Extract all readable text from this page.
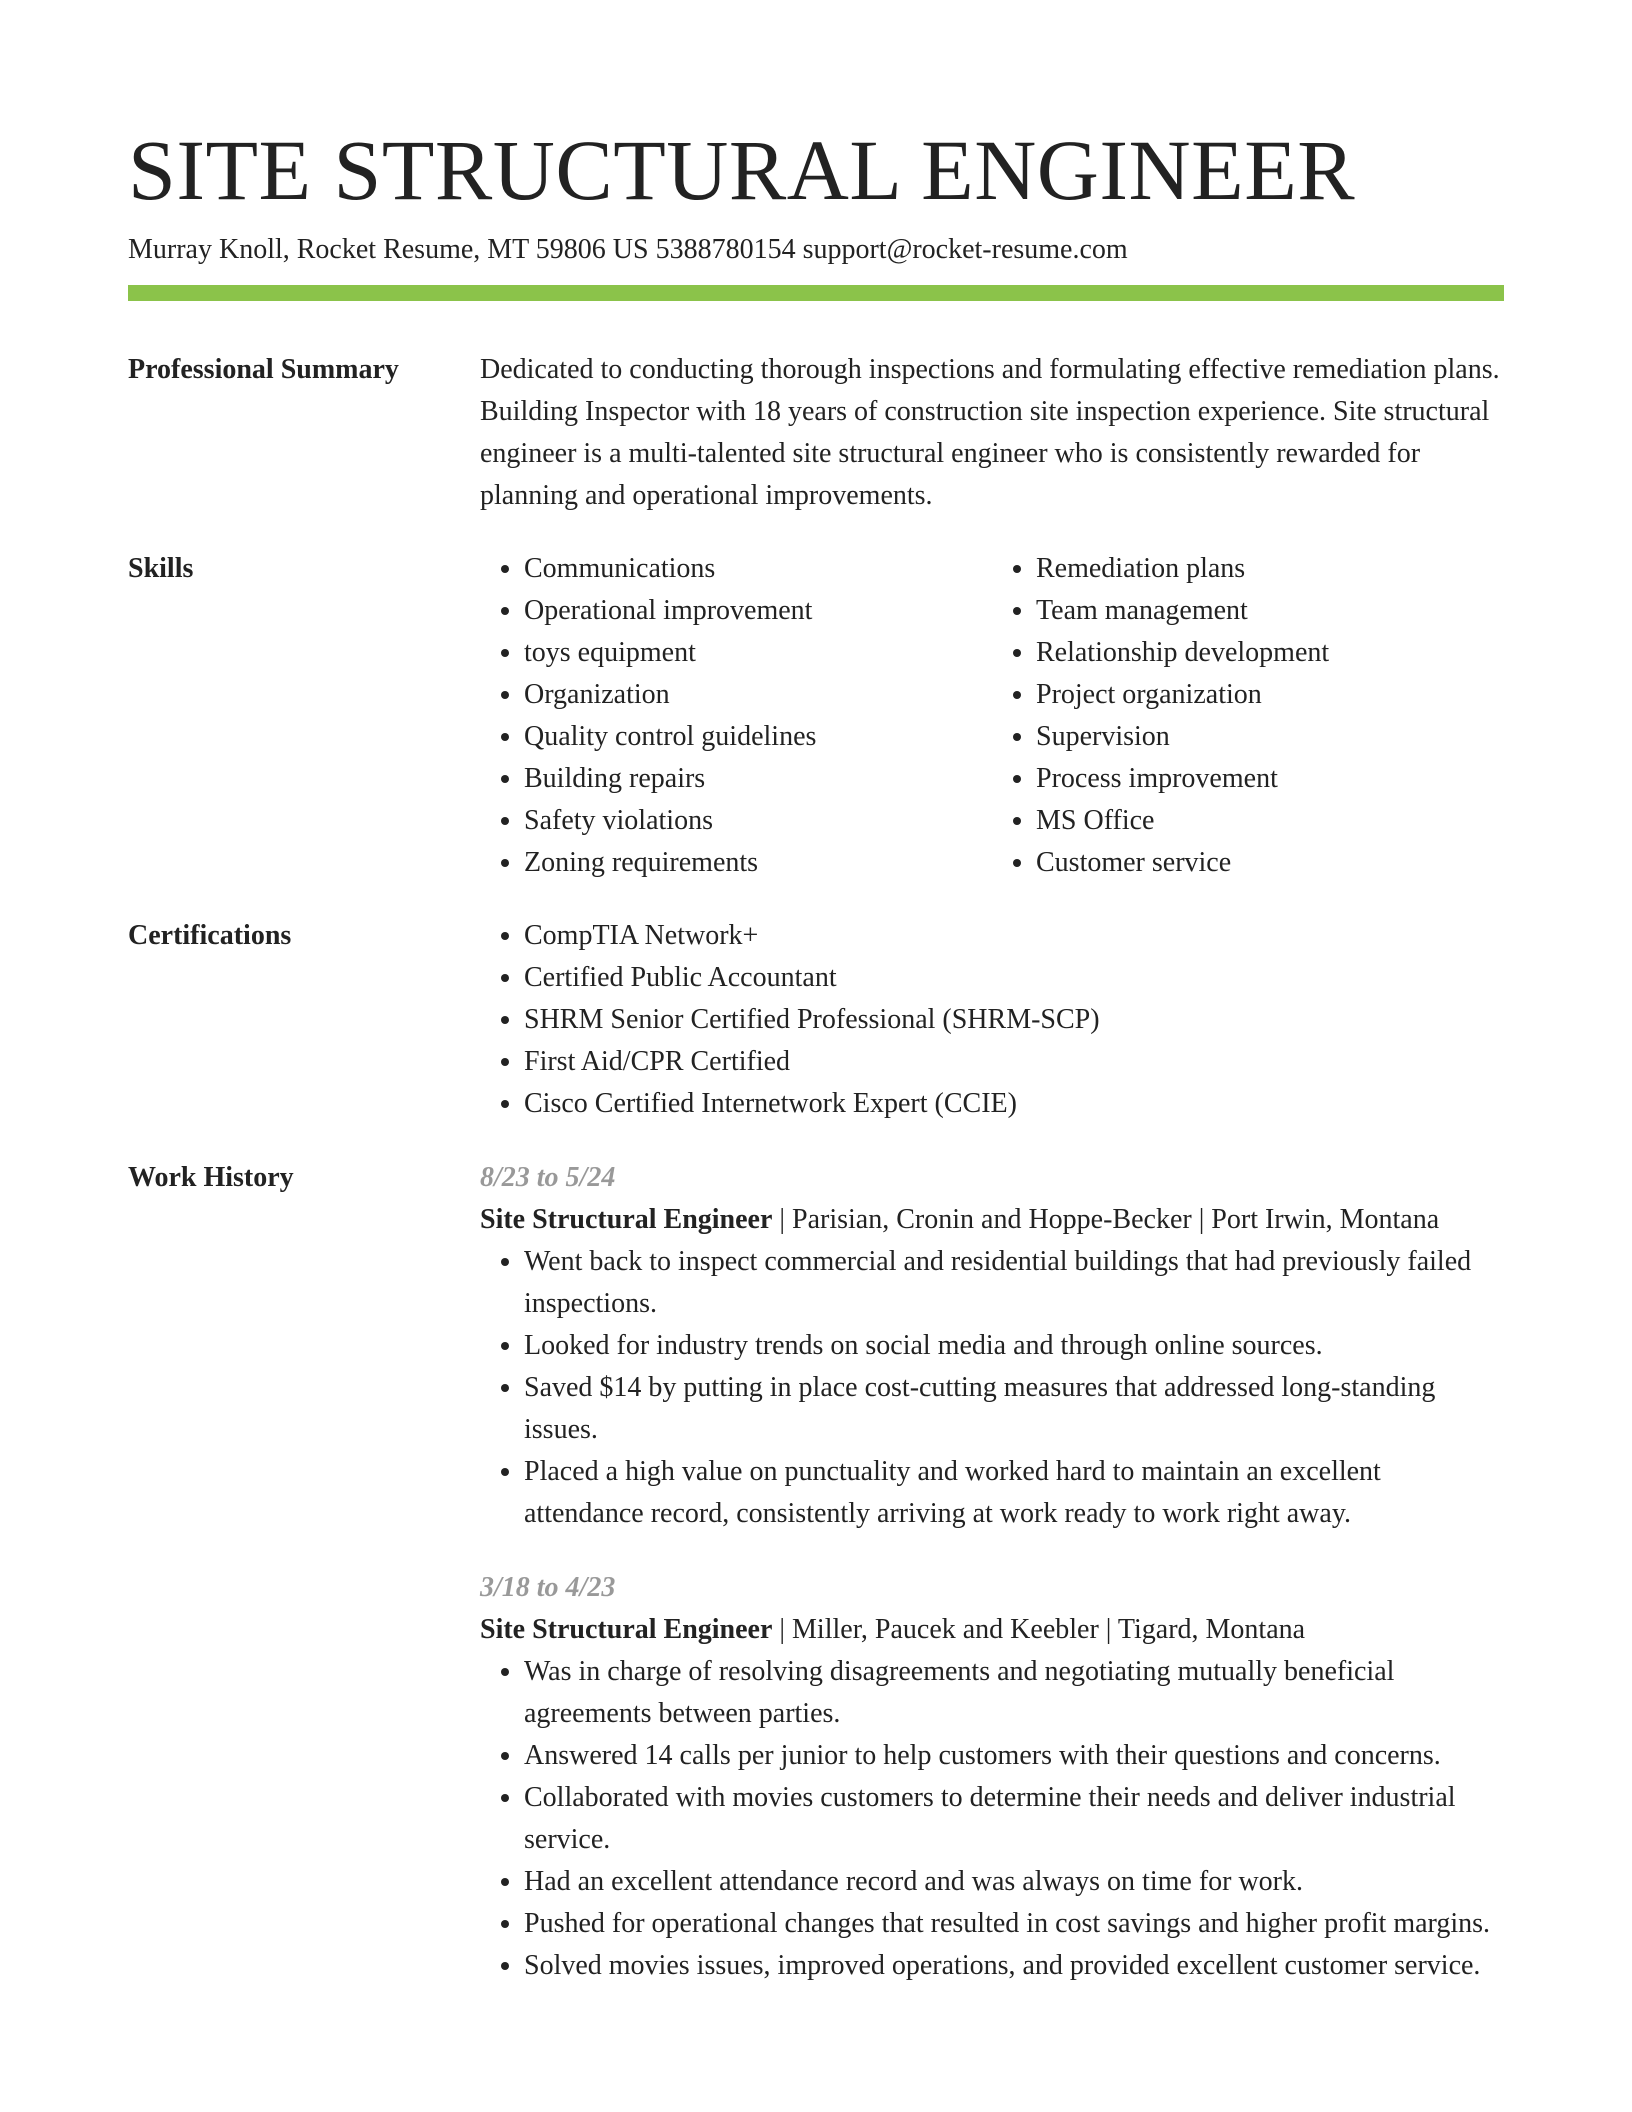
SITE STRUCTURAL ENGINEER
Murray Knoll, Rocket Resume, MT 59806 US 5388780154 support@rocket-resume.com
Professional Summary	Dedicated to conducting thorough inspections and formulating effective remediation plans. Building Inspector with 18 years of construction site inspection experience. Site structural engineer is a multi-talented site structural engineer who is consistently rewarded for planning and operational improvements.

Skills	• Communications
• Operational improvement
• toys equipment
• Organization
• Quality control guidelines
• Building repairs
• Safety violations
• Zoning requirements
• Remediation plans
• Team management
• Relationship development
• Project organization
• Supervision
• Process improvement
• MS Office
• Customer service
Certifications	• CompTIA Network+
• Certified Public Accountant
• SHRM Senior Certified Professional (SHRM-SCP)
• First Aid/CPR Certified
• Cisco Certified Internetwork Expert (CCIE)
Work History	8/23 to 5/24
Site Structural Engineer | Parisian, Cronin and Hoppe-Becker | Port Irwin, Montana
• Went back to inspect commercial and residential buildings that had previously failed inspections.
• Looked for industry trends on social media and through online sources.
• Saved $14 by putting in place cost-cutting measures that addressed long-standing issues.
• Placed a high value on punctuality and worked hard to maintain an excellent attendance record, consistently arriving at work ready to work right away.
3/18 to 4/23
Site Structural Engineer | Miller, Paucek and Keebler | Tigard, Montana
• Was in charge of resolving disagreements and negotiating mutually beneficial agreements between parties.
• Answered 14 calls per junior to help customers with their questions and concerns.
• Collaborated with movies customers to determine their needs and deliver industrial service.
• Had an excellent attendance record and was always on time for work.
• Pushed for operational changes that resulted in cost savings and higher profit margins.
• Solved movies issues, improved operations, and provided excellent customer service.
